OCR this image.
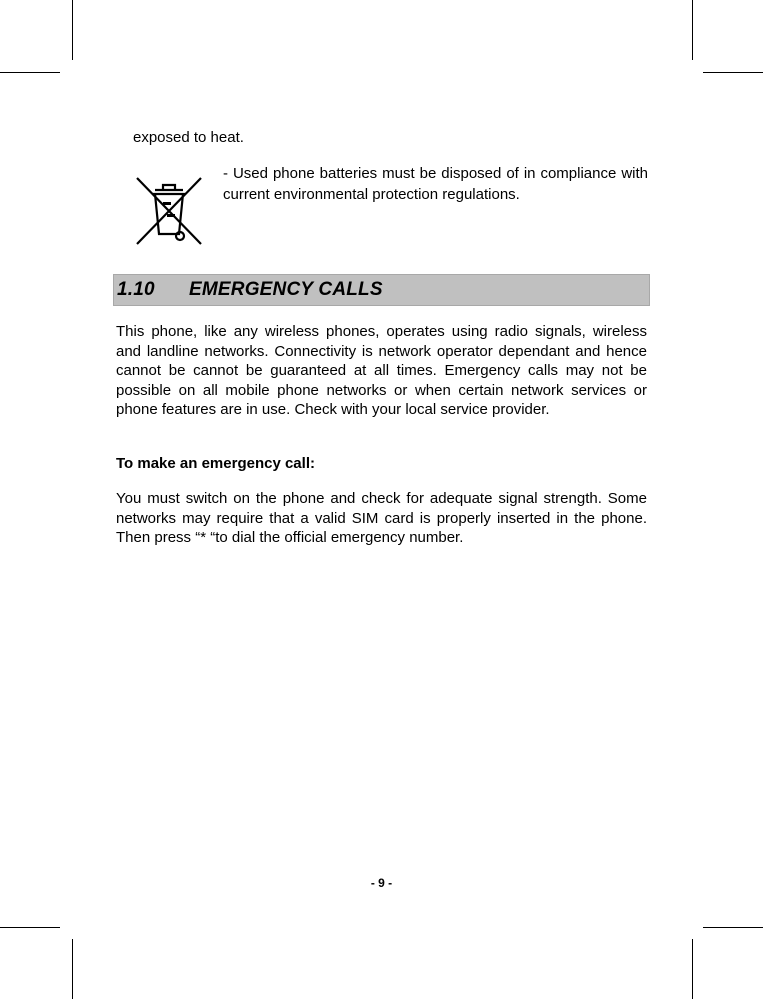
exposed to heat.
- Used phone batteries must be disposed of in compliance with current environmental protection regulations.
1.10	EMERGENCY CALLS
This phone, like any wireless phones, operates using radio signals, wireless and landline networks. Connectivity is network operator dependant and hence cannot be cannot be guaranteed at all times. Emergency calls may not be possible on all mobile phone networks or when certain network services or phone features are in use. Check with your local service provider.
To make an emergency call:
You must switch on the phone and check for adequate signal strength. Some networks may require that a valid SIM card is properly inserted in the phone. Then press “* “to dial the official emergency number.
- 9 -
